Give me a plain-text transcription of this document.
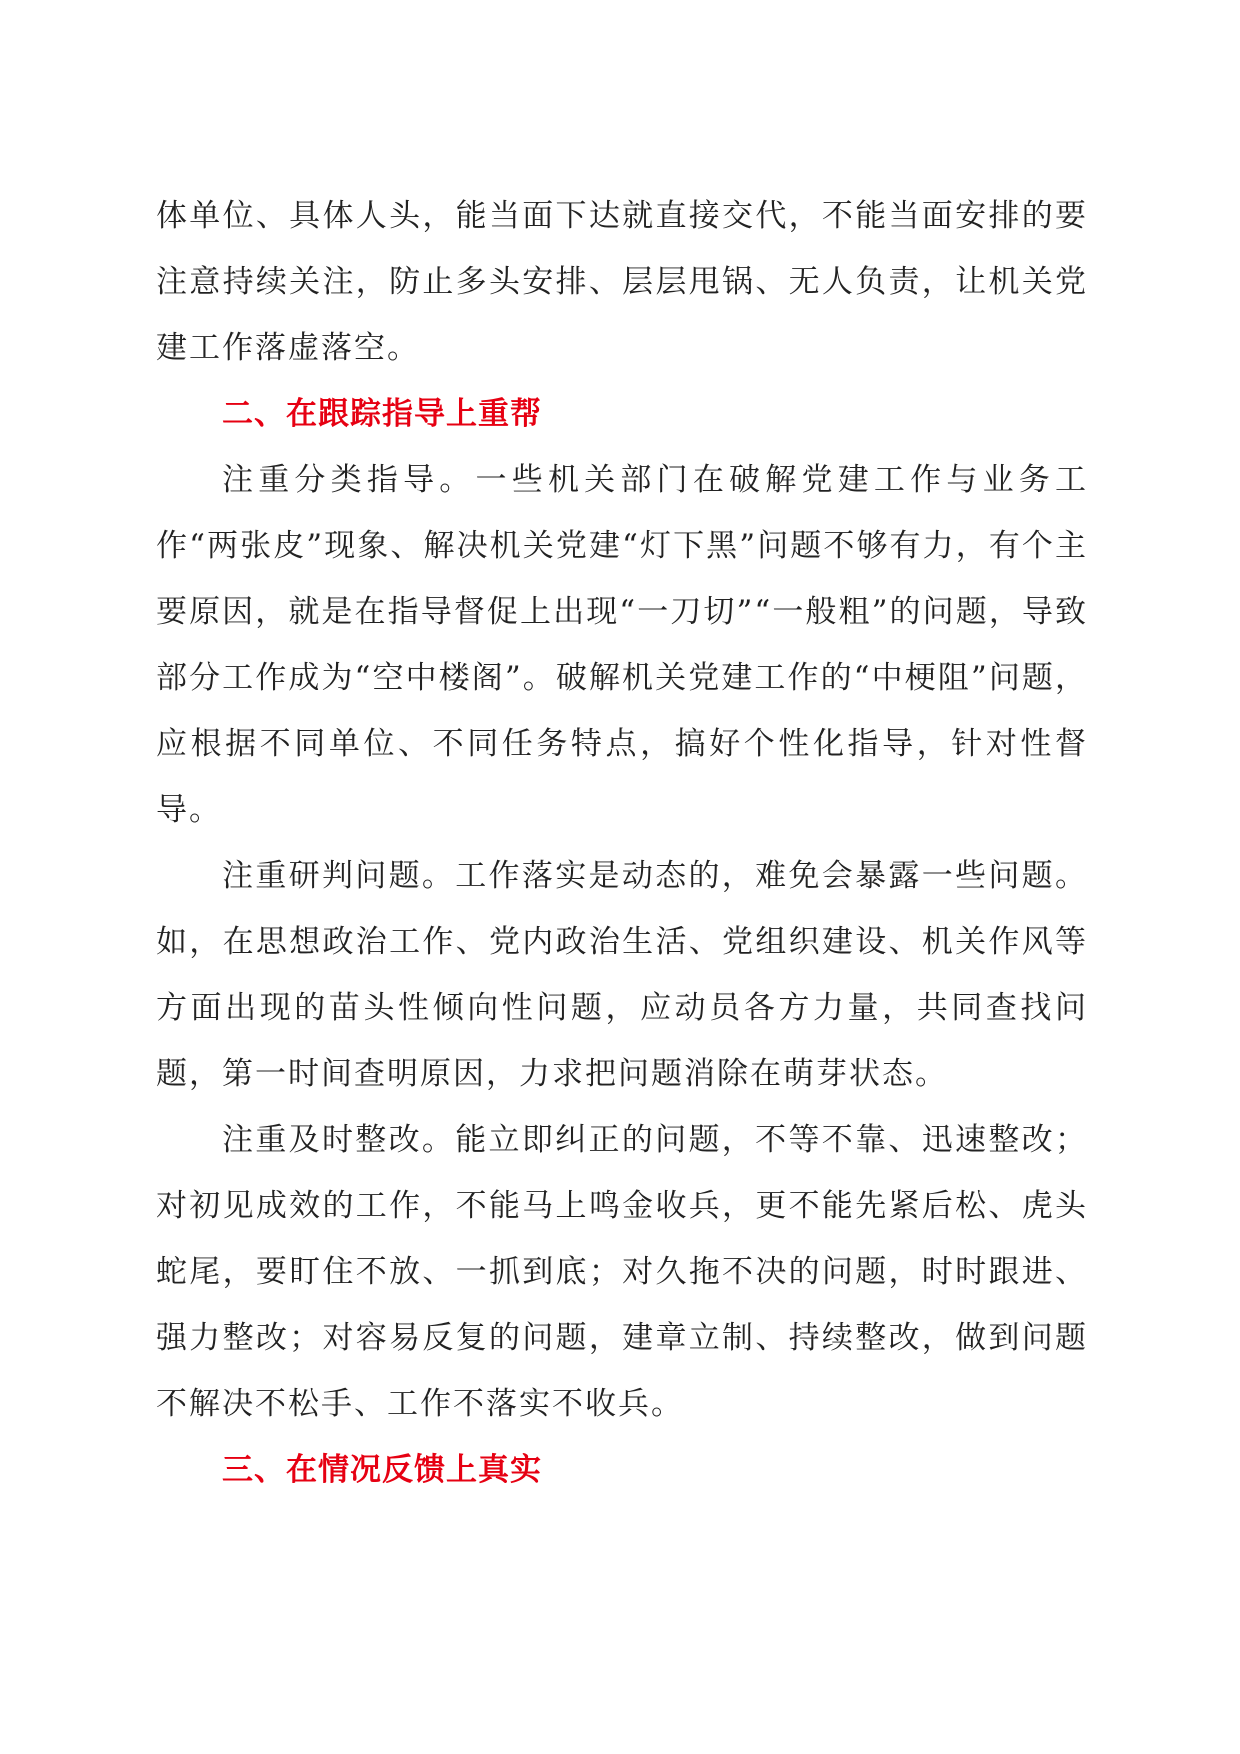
体单位、具体人头，能当面下达就直接交代，不能当面安排的要注意持续关注，防止多头安排、层层甩锅、无人负责，让机关党建工作落虚落空。

二、在跟踪指导上重帮

注重分类指导。一些机关部门在破解党建工作与业务工作“两张皮”现象、解决机关党建“灯下黑”问题不够有力，有个主要原因，就是在指导督促上出现“一刀切”“一般粗”的问题，导致部分工作成为“空中楼阁”。破解机关党建工作的“中梗阻”问题，应根据不同单位、不同任务特点，搞好个性化指导，针对性督导。

注重研判问题。工作落实是动态的，难免会暴露一些问题。如，在思想政治工作、党内政治生活、党组织建设、机关作风等方面出现的苗头性倾向性问题，应动员各方力量，共同查找问题，第一时间查明原因，力求把问题消除在萌芽状态。

注重及时整改。能立即纠正的问题，不等不靠、迅速整改；对初见成效的工作，不能马上鸣金收兵，更不能先紧后松、虎头蛇尾，要盯住不放、一抓到底；对久拖不决的问题，时时跟进、强力整改；对容易反复的问题，建章立制、持续整改，做到问题不解决不松手、工作不落实不收兵。

三、在情况反馈上真实
